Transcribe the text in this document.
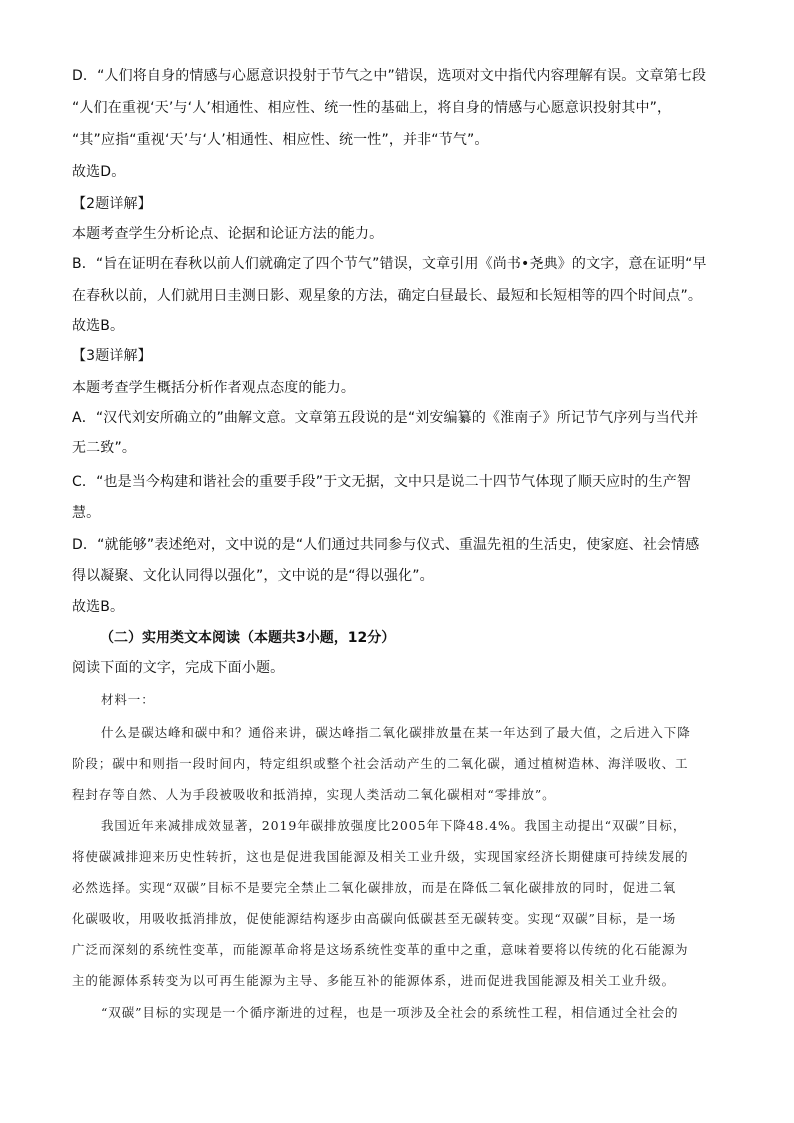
D．“人们将自身的情感与心愿意识投射于节气之中”错误，选项对文中指代内容理解有误。文章第七段
“人们在重视‘天’与‘人’相通性、相应性、统一性的基础上，将自身的情感与心愿意识投射其中”，
“其”应指“重视‘天’与‘人’相通性、相应性、统一性”，并非“节气”。
故选D。
【2题详解】
本题考查学生分析论点、论据和论证方法的能力。
B．“旨在证明在春秋以前人们就确定了四个节气”错误，文章引用《尚书•尧典》的文字，意在证明“早
在春秋以前，人们就用日圭测日影、观星象的方法，确定白昼最长、最短和长短相等的四个时间点”。
故选B。
【3题详解】
本题考查学生概括分析作者观点态度的能力。
A．“汉代刘安所确立的”曲解文意。文章第五段说的是“刘安编纂的《淮南子》所记节气序列与当代并
无二致”。
C．“也是当今构建和谐社会的重要手段”于文无据，文中只是说二十四节气体现了顺天应时的生产智
慧。
D．“就能够”表述绝对，文中说的是“人们通过共同参与仪式、重温先祖的生活史，使家庭、社会情感
得以凝聚、文化认同得以强化”，文中说的是“得以强化”。
故选B。
（二）实用类文本阅读（本题共3小题，12分）
阅读下面的文字，完成下面小题。
材料一：
什么是碳达峰和碳中和？通俗来讲，碳达峰指二氧化碳排放量在某一年达到了最大值，之后进入下降
阶段；碳中和则指一段时间内，特定组织或整个社会活动产生的二氧化碳，通过植树造林、海洋吸收、工
程封存等自然、人为手段被吸收和抵消掉，实现人类活动二氧化碳相对“零排放”。
我国近年来减排成效显著，2019年碳排放强度比2005年下降48.4%。我国主动提出“双碳”目标，
将使碳减排迎来历史性转折，这也是促进我国能源及相关工业升级，实现国家经济长期健康可持续发展的
必然选择。实现“双碳”目标不是要完全禁止二氧化碳排放，而是在降低二氧化碳排放的同时，促进二氧
化碳吸收，用吸收抵消排放，促使能源结构逐步由高碳向低碳甚至无碳转变。实现“双碳”目标，是一场
广泛而深刻的系统性变革，而能源革命将是这场系统性变革的重中之重，意味着要将以传统的化石能源为
主的能源体系转变为以可再生能源为主导、多能互补的能源体系，进而促进我国能源及相关工业升级。
“双碳”目标的实现是一个循序渐进的过程，也是一项涉及全社会的系统性工程，相信通过全社会的
